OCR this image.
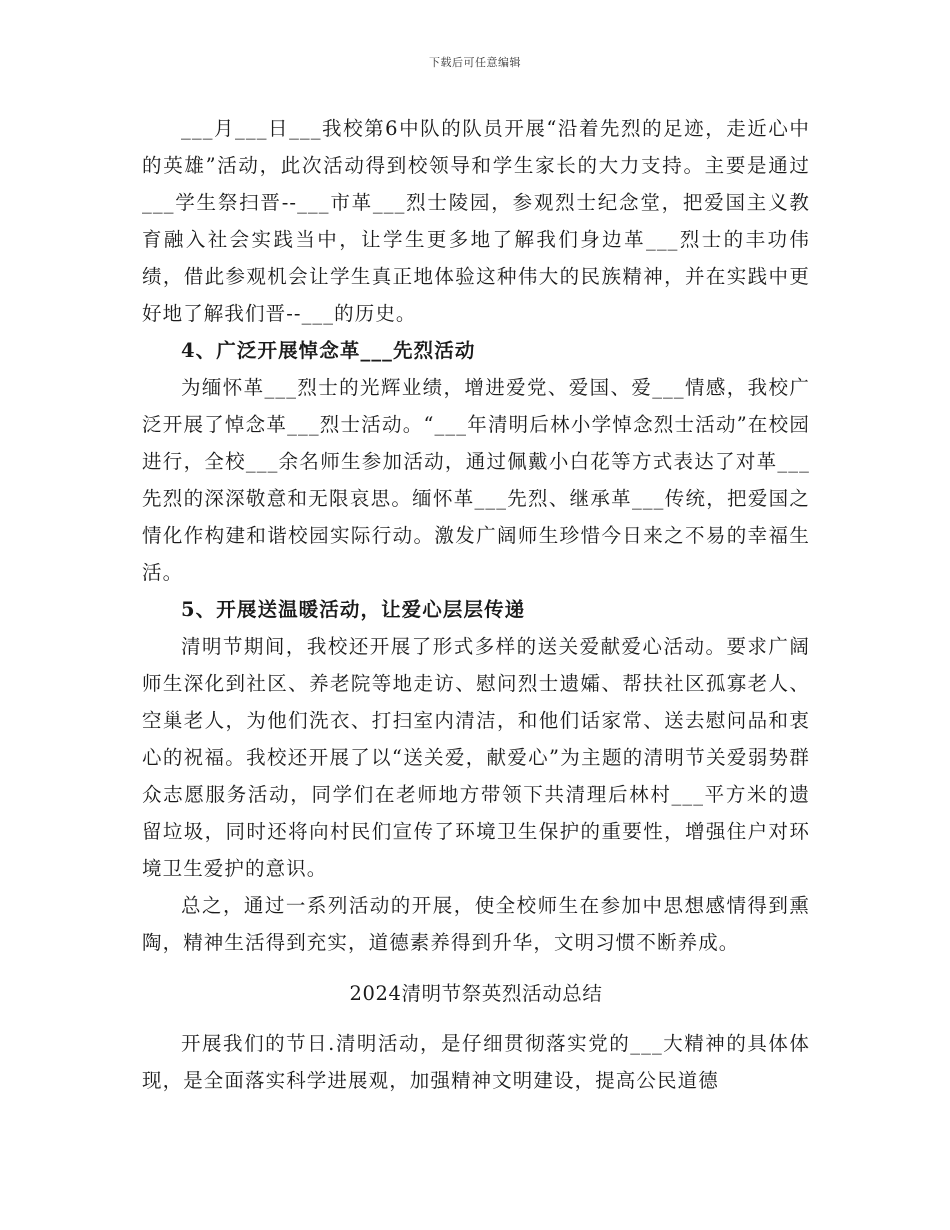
下载后可任意编辑

___月___日___我校第6中队的队员开展“沿着先烈的足迹，走近心中的英雄”活动，此次活动得到校领导和学生家长的大力支持。主要是通过___学生祭扫晋--___市革___烈士陵园，参观烈士纪念堂，把爱国主义教育融入社会实践当中，让学生更多地了解我们身边革___烈士的丰功伟绩，借此参观机会让学生真正地体验这种伟大的民族精神，并在实践中更好地了解我们晋--___的历史。

4、广泛开展悼念革___先烈活动

为缅怀革___烈士的光辉业绩，增进爱党、爱国、爱___情感，我校广泛开展了悼念革___烈士活动。“___年清明后林小学悼念烈士活动”在校园进行，全校___余名师生参加活动，通过佩戴小白花等方式表达了对革___先烈的深深敬意和无限哀思。缅怀革___先烈、继承革___传统，把爱国之情化作构建和谐校园实际行动。激发广阔师生珍惜今日来之不易的幸福生活。

5、开展送温暖活动，让爱心层层传递

清明节期间，我校还开展了形式多样的送关爱献爱心活动。要求广阔师生深化到社区、养老院等地走访、慰问烈士遗孀、帮扶社区孤寡老人、空巢老人，为他们洗衣、打扫室内清洁，和他们话家常、送去慰问品和衷心的祝福。我校还开展了以“送关爱，献爱心”为主题的清明节关爱弱势群众志愿服务活动，同学们在老师地方带领下共清理后林村___平方米的遗留垃圾，同时还将向村民们宣传了环境卫生保护的重要性，增强住户对环境卫生爱护的意识。

总之，通过一系列活动的开展，使全校师生在参加中思想感情得到熏陶，精神生活得到充实，道德素养得到升华，文明习惯不断养成。

2024清明节祭英烈活动总结

开展我们的节日.清明活动，是仔细贯彻落实党的___大精神的具体体现，是全面落实科学进展观，加强精神文明建设，提高公民道德
